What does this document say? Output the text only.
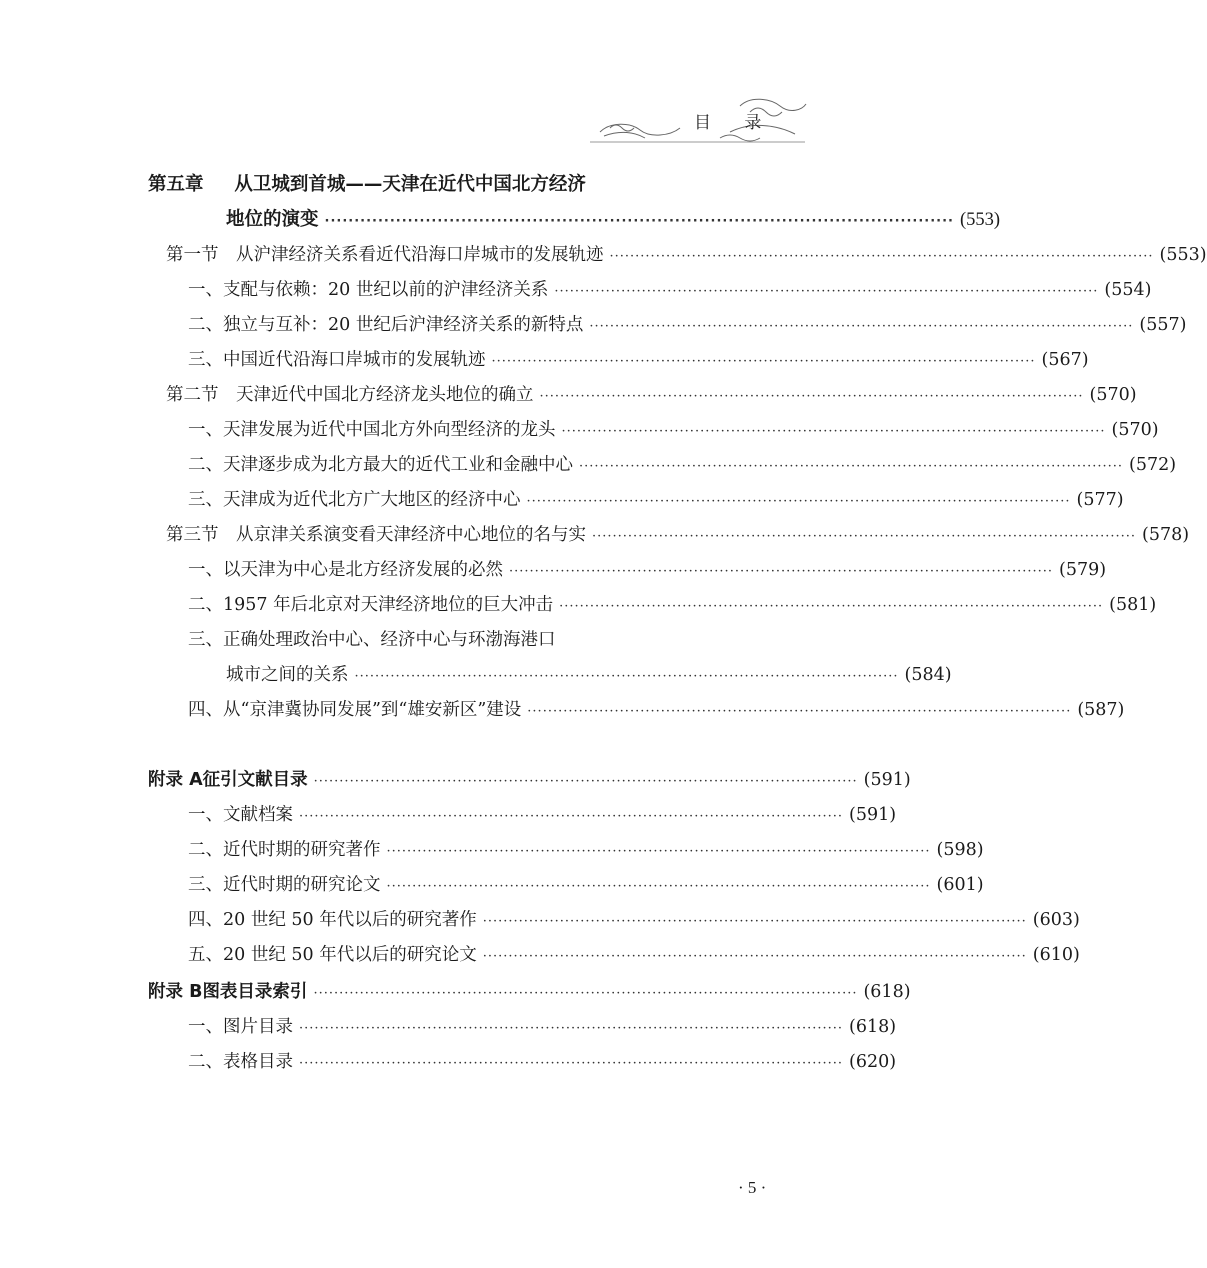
目 录
第五章 从卫城到首城——天津在近代中国北方经济
地位的演变 ·········································································································· (553)
第一节　从沪津经济关系看近代沿海口岸城市的发展轨迹 ·········································································································· (553)
一、支配与依赖：20 世纪以前的沪津经济关系 ·········································································································· (554)
二、独立与互补：20 世纪后沪津经济关系的新特点 ·········································································································· (557)
三、中国近代沿海口岸城市的发展轨迹 ·········································································································· (567)
第二节　天津近代中国北方经济龙头地位的确立 ·········································································································· (570)
一、天津发展为近代中国北方外向型经济的龙头 ·········································································································· (570)
二、天津逐步成为北方最大的近代工业和金融中心 ·········································································································· (572)
三、天津成为近代北方广大地区的经济中心 ·········································································································· (577)
第三节　从京津关系演变看天津经济中心地位的名与实 ·········································································································· (578)
一、以天津为中心是北方经济发展的必然 ·········································································································· (579)
二、1957 年后北京对天津经济地位的巨大冲击 ·········································································································· (581)
三、正确处理政治中心、经济中心与环渤海港口
城市之间的关系 ·········································································································· (584)
四、从“京津冀协同发展”到“雄安新区”建设 ·········································································································· (587)
附录 A 征引文献目录 ·········································································································· (591)
一、文献档案 ·········································································································· (591)
二、近代时期的研究著作 ·········································································································· (598)
三、近代时期的研究论文 ·········································································································· (601)
四、20 世纪 50 年代以后的研究著作 ·········································································································· (603)
五、20 世纪 50 年代以后的研究论文 ·········································································································· (610)
附录 B 图表目录索引 ·········································································································· (618)
一、图片目录 ·········································································································· (618)
二、表格目录 ·········································································································· (620)
· 5 ·
